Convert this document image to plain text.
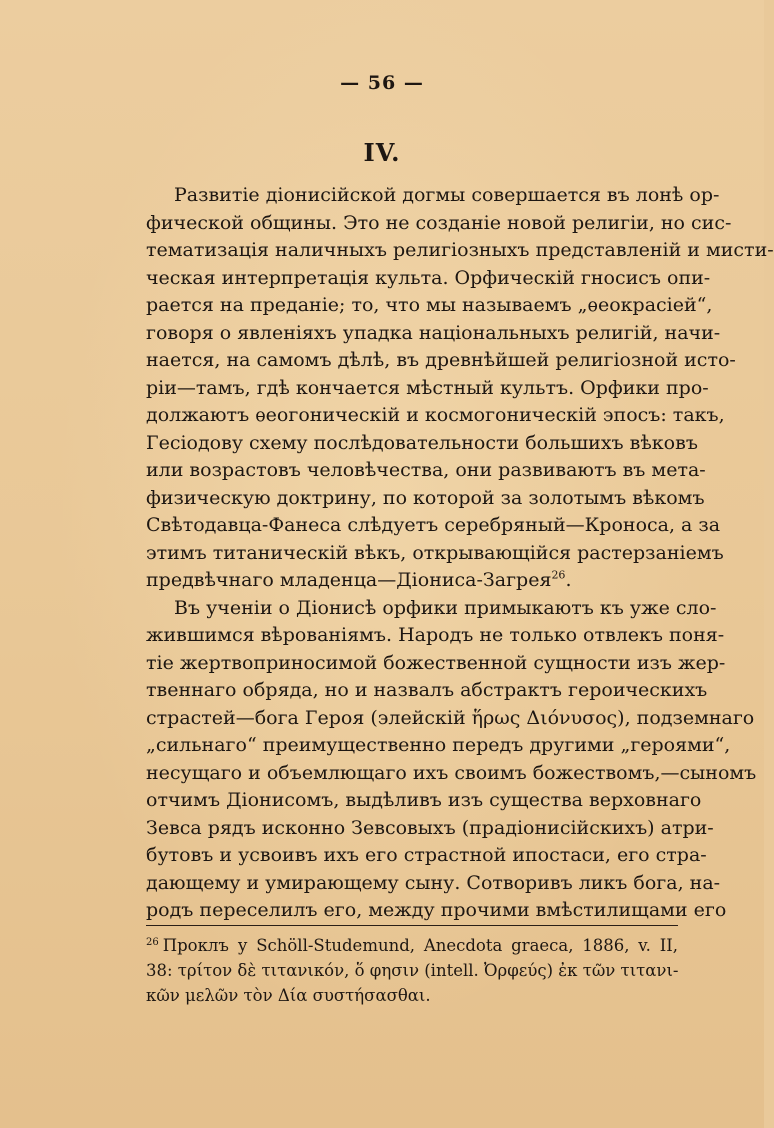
— 56 —
IV.
Развитіе діонисійской догмы совершается въ лонѣ ор-
фической общины. Это не созданіе новой религіи, но сис-
тематизація наличныхъ религіозныхъ представленій и мисти-
ческая интерпретація культа. Орфическій гносисъ опи-
рается на преданіе; то, что мы называемъ „ѳеокрасіей“,
говоря о явленіяхъ упадка національныхъ религій, начи-
нается, на самомъ дѣлѣ, въ древнѣйшей религіозной исто-
ріи—тамъ, гдѣ кончается мѣстный культъ. Орфики про-
должаютъ ѳеогоническій и космогоническій эпосъ: такъ,
Гесіодову схему послѣдовательности большихъ вѣковъ
или возрастовъ человѣчества, они развиваютъ въ мета-
физическую доктрину, по которой за золотымъ вѣкомъ
Свѣтодавца-Фанеса слѣдуетъ серебряный—Кроноса, а за
этимъ титаническій вѣкъ, открывающійся растерзаніемъ
предвѣчнаго младенца—Діониса-Загрея$^{26}$.
Въ ученіи о Діонисѣ орфики примыкаютъ къ уже сло-
жившимся вѣрованіямъ. Народъ не только отвлекъ поня-
тіе жертвоприносимой божественной сущности изъ жер-
твеннаго обряда, но и назвалъ абстрактъ героическихъ
страстей—бога Героя (элейскій ἥρως Διόνυσος), подземнаго
„сильнаго“ преимущественно передъ другими „героями“,
несущаго и объемлющаго ихъ своимъ божествомъ,—сыномъ
отчимъ Діонисомъ, выдѣливъ изъ существа верховнаго
Зевса рядъ исконно Зевсовыхъ (прадіонисійскихъ) атри-
бутовъ и усвоивъ ихъ его страстной ипостаси, его стра-
дающему и умирающему сыну. Сотворивъ ликъ бога, на-
родъ переселилъ его, между прочими вмѣстилищами его
$^{26}$ Проклъ у Schöll-Studemund, Anecdota graeca, 1886, v. II,
38: τρίτον δὲ τιτανικόν, ὅ φησιν (intell. Ὀρφεύς) ἐκ τῶν τιτανι-
κῶν μελῶν τὸν Δία συστήσασθαι.
